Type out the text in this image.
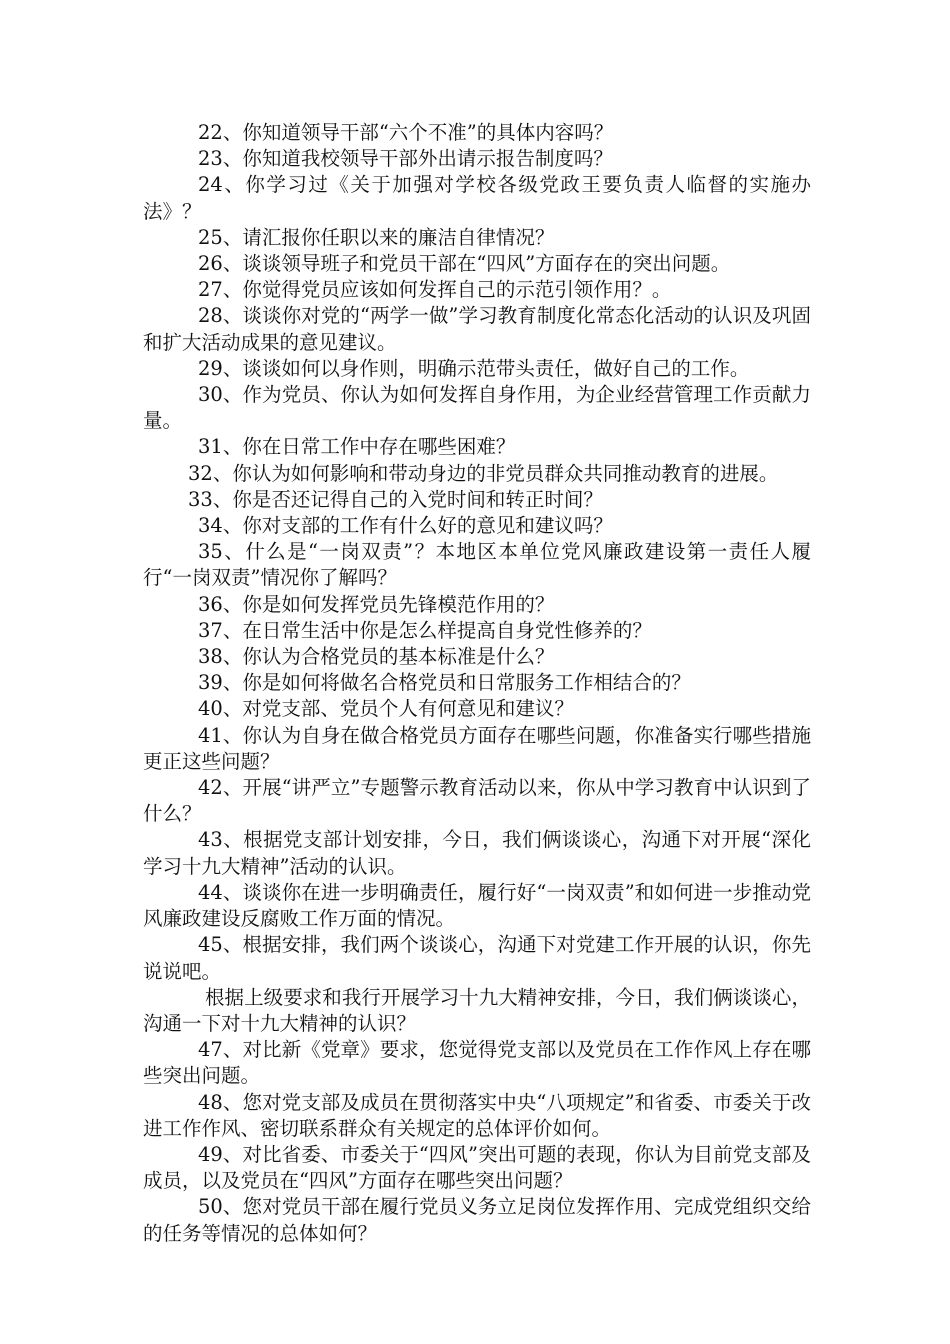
22、你知道领导干部“六个不准”的具体内容吗？

23、你知道我校领导干部外出请示报告制度吗？

24、你学习过《关于加强对学校各级党政王要负责人临督的实施办法》？

25、请汇报你任职以来的廉洁自律情况？

26、谈谈领导班子和党员干部在“四风”方面存在的突出问题。

27、你觉得党员应该如何发挥自己的示范引领作用？。

28、谈谈你对党的“两学一做”学习教育制度化常态化活动的认识及巩固和扩大活动成果的意见建议。

29、谈谈如何以身作则，明确示范带头责任，做好自己的工作。

30、作为党员、你认为如何发挥自身作用，为企业经营管理工作贡献力量。

31、你在日常工作中存在哪些困难？

32、你认为如何影响和带动身边的非党员群众共同推动教育的进展。

33、你是否还记得自己的入党时间和转正时间？

34、你对支部的工作有什么好的意见和建议吗？

35、什么是“一岗双责”？本地区本单位党风廉政建设第一责任人履行“一岗双责”情况你了解吗？

36、你是如何发挥党员先锋模范作用的？

37、在日常生活中你是怎么样提高自身党性修养的？

38、你认为合格党员的基本标准是什么？

39、你是如何将做名合格党员和日常服务工作相结合的？

40、对党支部、党员个人有何意见和建议？

41、你认为自身在做合格党员方面存在哪些问题，你准备实行哪些措施更正这些问题？

42、开展“讲严立”专题警示教育活动以来，你从中学习教育中认识到了什么？

43、根据党支部计划安排，今日，我们俩谈谈心，沟通下对开展“深化学习十九大精神”活动的认识。

44、谈谈你在进一步明确责任，履行好“一岗双责”和如何进一步推动党风廉政建设反腐败工作万面的情况。

45、根据安排，我们两个谈谈心，沟通下对党建工作开展的认识，你先说说吧。

根据上级要求和我行开展学习十九大精神安排，今日，我们俩谈谈心，沟通一下对十九大精神的认识？

47、对比新《党章》要求，您觉得党支部以及党员在工作作风上存在哪些突出问题。

48、您对党支部及成员在贯彻落实中央“八项规定”和省委、市委关于改进工作作风、密切联系群众有关规定的总体评价如何。

49、对比省委、市委关于“四风”突出可题的表现，你认为目前党支部及成员，以及党员在“四风”方面存在哪些突出问题？

50、您对党员干部在履行党员义务立足岗位发挥作用、完成党组织交给的任务等情况的总体如何？
